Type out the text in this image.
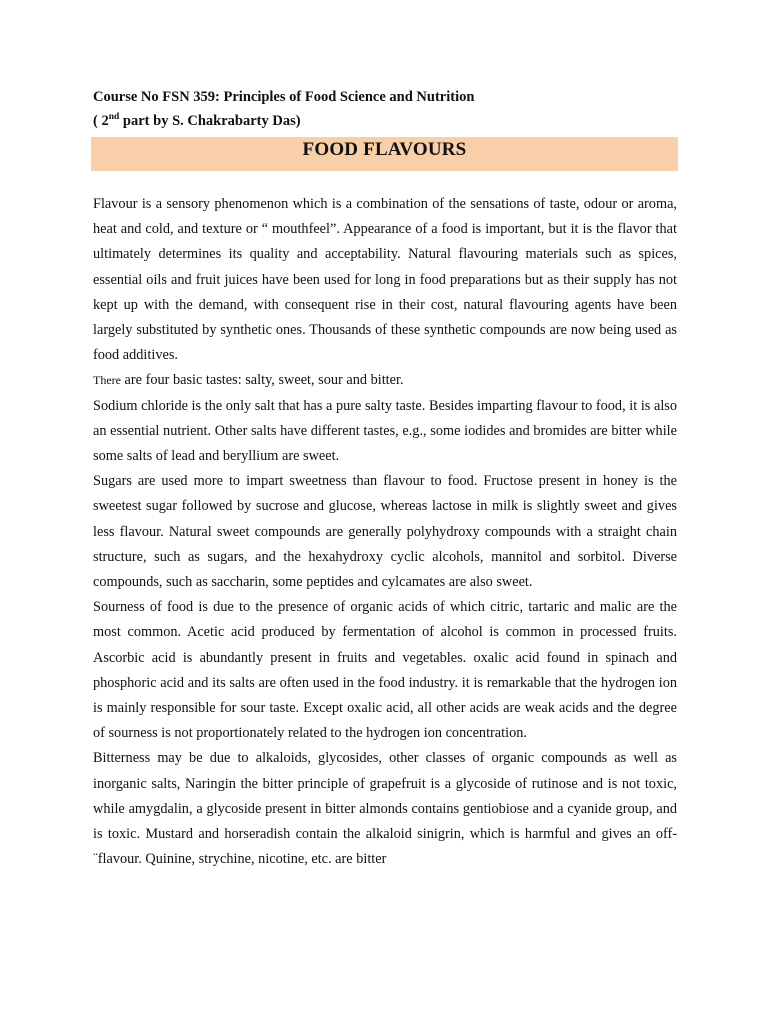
Course No FSN 359: Principles of Food Science and Nutrition
( 2nd part by S. Chakrabarty Das)
FOOD FLAVOURS

Flavour is a sensory phenomenon which is a combination of the sensations of taste, odour or aroma, heat and cold, and texture or “ mouthfeel”. Appearance of a food is important, but it is the flavor that ultimately determines its quality and acceptability. Natural flavouring materials such as spices, essential oils and fruit juices have been used for long in food preparations but as their supply has not kept up with the demand, with consequent rise in their cost, natural flavouring agents have been largely substituted by synthetic ones. Thousands of these synthetic compounds are now being used as food additives.

There are four basic tastes: salty, sweet, sour and bitter.

Sodium chloride is the only salt that has a pure salty taste. Besides imparting flavour to food, it is also an essential nutrient. Other salts have different tastes, e.g., some iodides and bromides are bitter while some salts of lead and beryllium are sweet.

Sugars are used more to impart sweetness than flavour to food. Fructose present in honey is the sweetest sugar followed by sucrose and glucose, whereas lactose in milk is slightly sweet and gives less flavour. Natural sweet compounds are generally polyhydroxy compounds with a straight chain structure, such as sugars, and the hexahydroxy cyclic alcohols, mannitol and sorbitol. Diverse compounds, such as saccharin, some peptides and cylcamates are also sweet.

Sourness of food is due to the presence of organic acids of which citric, tartaric and malic are the most common. Acetic acid produced by fermentation of alcohol is common in processed fruits. Ascorbic acid is abundantly present in fruits and vegetables. oxalic acid found in spinach and phosphoric acid and its salts are often used in the food industry. it is remarkable that the hydrogen ion is mainly responsible for sour taste. Except oxalic acid, all other acids are weak acids and the degree of sourness is not proportionately related to the hydrogen ion concentration.

Bitterness may be due to alkaloids, glycosides, other classes of organic compounds as well as inorganic salts, Naringin the bitter principle of grapefruit is a glycoside of rutinose and is not toxic, while amygdalin, a glycoside present in bitter almonds contains gentiobiose and a cyanide group, and is toxic. Mustard and horseradish contain the alkaloid sinigrin, which is harmful and gives an off-¨flavour. Quinine, strychine, nicotine, etc. are bitter
